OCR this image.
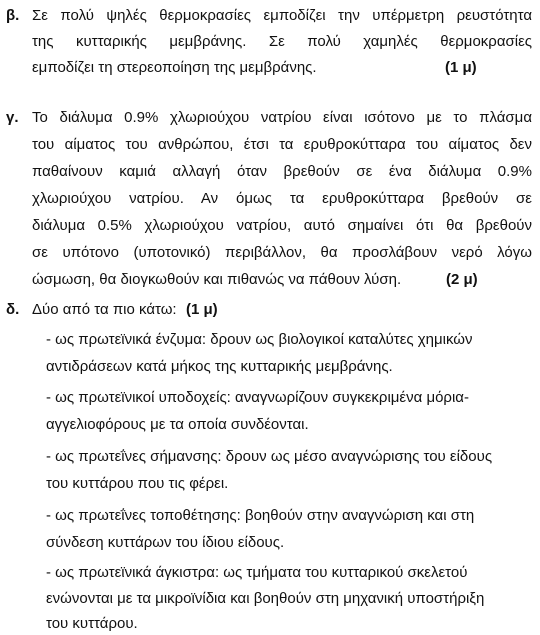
β. Σε πολύ ψηλές θερμοκρασίες εμποδίζει την υπέρμετρη ρευστότητα
της κυτταρικής μεμβράνης. Σε πολύ χαμηλές θερμοκρασίες
εμποδίζει τη στερεοποίηση της μεμβράνης.	(1 μ)
γ. Το διάλυμα 0.9% χλωριούχου νατρίου είναι ισότονο με το πλάσμα
του αίματος του ανθρώπου, έτσι τα ερυθροκύτταρα του αίματος δεν
παθαίνουν καμιά αλλαγή όταν βρεθούν σε ένα διάλυμα 0.9%
χλωριούχου νατρίου. Αν όμως τα ερυθροκύτταρα βρεθούν σε
διάλυμα 0.5% χλωριούχου νατρίου, αυτό σημαίνει ότι θα βρεθούν
σε υπότονο (υποτονικό) περιβάλλον, θα προσλάβουν νερό λόγω
ώσμωση, θα διογκωθούν και πιθανώς να πάθουν λύση.	(2 μ)
δ. Δύο από τα πιο κάτω: (1 μ)
- ως πρωτεϊνικά ένζυμα: δρουν ως βιολογικοί καταλύτες χημικών
αντιδράσεων κατά μήκος της κυτταρικής μεμβράνης.
- ως πρωτεϊνικοί υποδοχείς: αναγνωρίζουν συγκεκριμένα μόρια-
αγγελιοφόρους με τα οποία συνδέονται.
- ως πρωτεΐνες σήμανσης: δρουν ως μέσο αναγνώρισης του είδους
του κυττάρου που τις φέρει.
- ως πρωτεΐνες τοποθέτησης: βοηθούν στην αναγνώριση και στη
σύνδεση κυττάρων του ίδιου είδους.
- ως πρωτεϊνικά άγκιστρα: ως τμήματα του κυτταρικού σκελετού
ενώνονται με τα μικροϊνίδια και βοηθούν στη μηχανική υποστήριξη
του κυττάρου.
